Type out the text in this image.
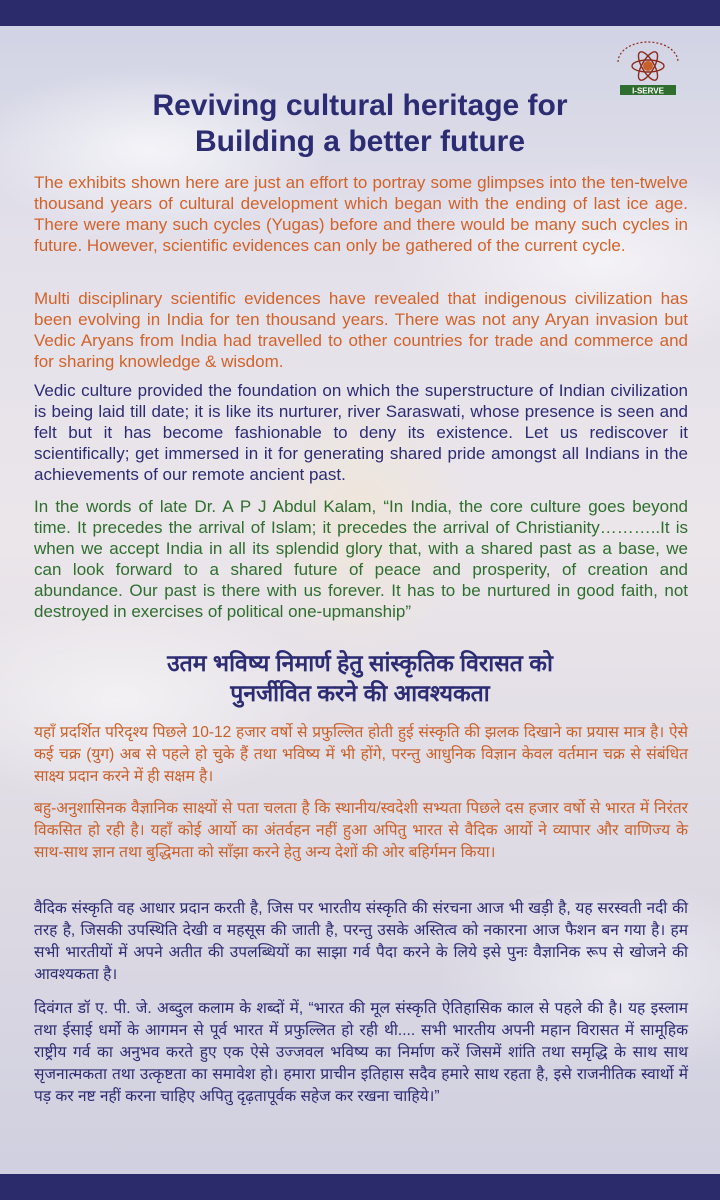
I-SERVE
Reviving cultural heritage for
Building a better future

The exhibits shown here are just an effort to portray some glimpses into the ten-twelve thousand years of cultural development which began with the ending of last ice age. There were many such cycles (Yugas) before and there would be many such cycles in future. However, scientific evidences can only be gathered of the current cycle.

Multi disciplinary scientific evidences have revealed that indigenous civilization has been evolving in India for ten thousand years. There was not any Aryan invasion but Vedic Aryans from India had travelled to other countries for trade and commerce and for sharing knowledge & wisdom.

Vedic culture provided the foundation on which the superstructure of Indian civilization is being laid till date; it is like its nurturer, river Saraswati, whose presence is seen and felt but it has become fashionable to deny its existence. Let us rediscover it scientifically; get immersed in it for generating shared pride amongst all Indians in the achievements of our remote ancient past.

In the words of late Dr. A P J Abdul Kalam, “In India, the core culture goes beyond time. It precedes the arrival of Islam; it precedes the arrival of Christianity………..It is when we accept India in all its splendid glory that, with a shared past as a base, we can look forward to a shared future of peace and prosperity, of creation and abundance. Our past is there with us forever. It has to be nurtured in good faith, not destroyed in exercises of political one-upmanship”

उतम भविष्य निमार्ण हेतु सांस्कृतिक विरासत को
पुनर्जीवित करने की आवश्यकता

यहाँ प्रदर्शित परिदृश्य पिछले 10-12 हजार वर्षो से प्रफुल्लित होती हुई संस्कृति की झलक दिखाने का प्रयास मात्र है। ऐसे कई चक्र (युग) अब से पहले हो चुके हैं तथा भविष्य में भी होंगे, परन्तु आधुनिक विज्ञान केवल वर्तमान चक्र से संबंधित साक्ष्य प्रदान करने में ही सक्षम है।

बहु-अनुशासिनक वैज्ञानिक साक्ष्यों से पता चलता है कि स्थानीय/स्वदेशी सभ्यता पिछले दस हजार वर्षो से भारत में निरंतर विकसित हो रही है। यहाँ कोई आर्यो का अंतर्वहन नहीं हुआ अपितु भारत से वैदिक आर्यो ने व्यापार और वाणिज्य के साथ-साथ ज्ञान तथा बुद्धिमता को साँझा करने हेतु अन्य देशों की ओर बहिर्गमन किया।

वैदिक संस्कृति वह आधार प्रदान करती है, जिस पर भारतीय संस्कृति की संरचना आज भी खड़ी है, यह सरस्वती नदी की तरह है, जिसकी उपस्थिति देखी व महसूस की जाती है, परन्तु उसके अस्तित्व को नकारना आज फैशन बन गया है। हम सभी भारतीयों में अपने अतीत की उपलब्धियों का साझा गर्व पैदा करने के लिये इसे पुनः वैज्ञानिक रूप से खोजने की आवश्यकता है।

दिवंगत डॉ ए. पी. जे. अब्दुल कलाम के शब्दों में, “भारत की मूल संस्कृति ऐतिहासिक काल से पहले की है। यह इस्लाम तथा ईसाई धर्मो के आगमन से पूर्व भारत में प्रफुल्लित हो रही थी.... सभी भारतीय अपनी महान विरासत में सामूहिक राष्ट्रीय गर्व का अनुभव करते हुए एक ऐसे उज्जवल भविष्य का निर्माण करें जिसमें शांति तथा समृद्धि के साथ साथ सृजनात्मकता तथा उत्कृष्टता का समावेश हो। हमारा प्राचीन इतिहास सदैव हमारे साथ रहता है, इसे राजनीतिक स्वार्थो में पड़ कर नष्ट नहीं करना चाहिए अपितु दृढ़तापूर्वक सहेज कर रखना चाहिये।”
